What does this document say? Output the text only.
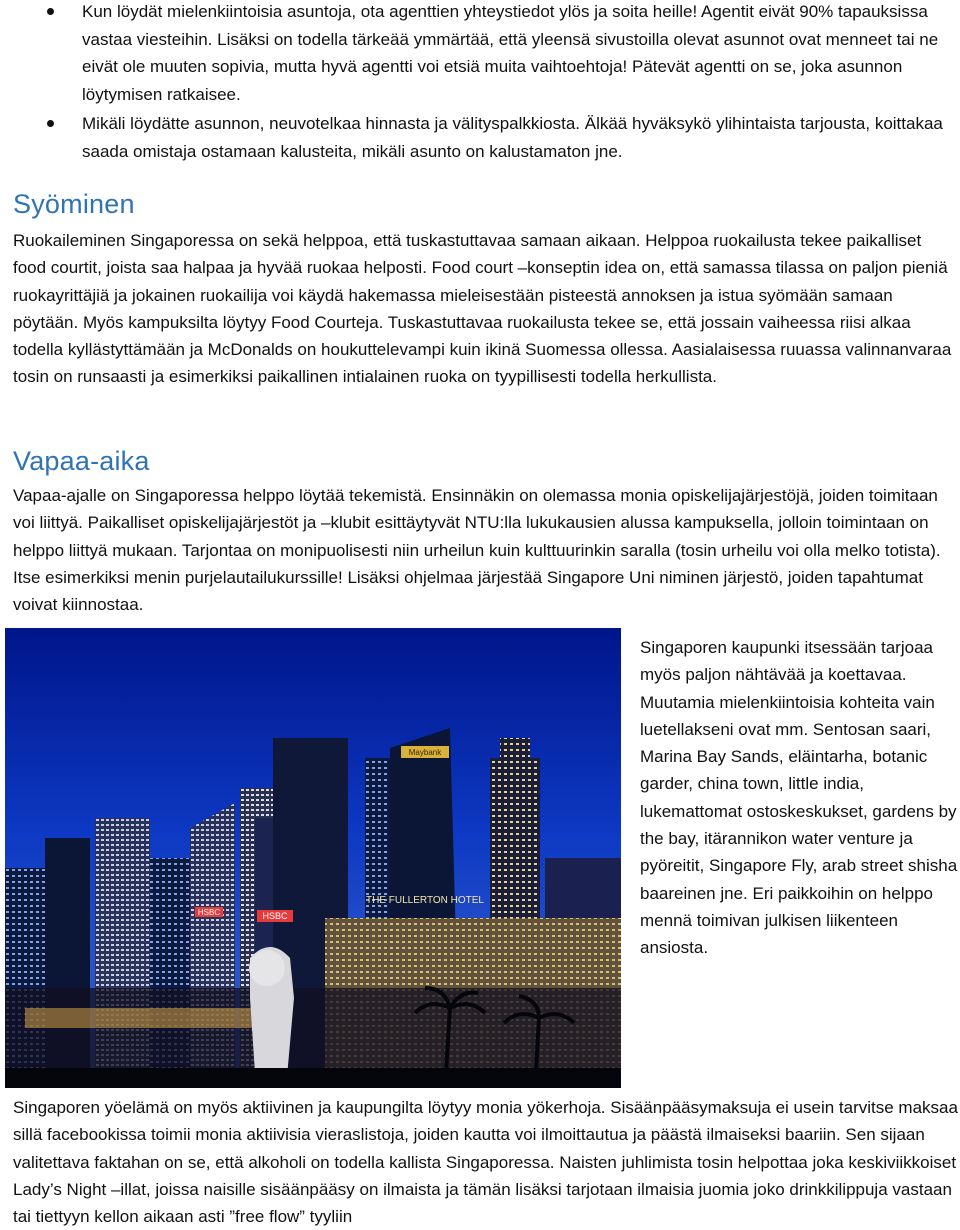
Kun löydät mielenkiintoisia asuntoja, ota agenttien yhteystiedot ylös ja soita heille! Agentit eivät 90% tapauksissa vastaa viesteihin. Lisäksi on todella tärkeää ymmärtää, että yleensä sivustoilla olevat asunnot ovat menneet tai ne eivät ole muuten sopivia, mutta hyvä agentti voi etsiä muita vaihtoehtoja! Pätevät agentti on se, joka asunnon löytymisen ratkaisee.
Mikäli löydätte asunnon, neuvotelkaa hinnasta ja välityspalkkiosta. Älkää hyväksykö ylihintaista tarjousta, koittakaa saada omistaja ostamaan kalusteita, mikäli asunto on kalustamaton jne.
Syöminen

Ruokaileminen Singaporessa on sekä helppoa, että tuskastuttavaa samaan aikaan. Helppoa ruokailusta tekee paikalliset food courtit, joista saa halpaa ja hyvää ruokaa helposti. Food court –konseptin idea on, että samassa tilassa on paljon pieniä ruokayrittäjiä ja jokainen ruokailija voi käydä hakemassa mieleisestään pisteestä annoksen ja istua syömään samaan pöytään. Myös kampuksilta löytyy Food Courteja. Tuskastuttavaa ruokailusta tekee se, että jossain vaiheessa riisi alkaa todella kyllästyttämään ja McDonalds on houkuttelevampi kuin ikinä Suomessa ollessa. Aasialaisessa ruuassa valinnanvaraa tosin on runsaasti ja esimerkiksi paikallinen intialainen ruoka on tyypillisesti todella herkullista.

Vapaa-aika

Vapaa-ajalle on Singaporessa helppo löytää tekemistä. Ensinnäkin on olemassa monia opiskelijajärjestöjä, joiden toimitaan voi liittyä. Paikalliset opiskelijajärjestöt ja –klubit esittäytyvät NTU:lla lukukausien alussa kampuksella, jolloin toimintaan on helppo liittyä mukaan. Tarjontaa on monipuolisesti niin urheilun kuin kulttuurinkin saralla (tosin urheilu voi olla melko totista). Itse esimerkiksi menin purjelautailukurssille! Lisäksi ohjelmaa järjestää Singapore Uni niminen järjestö, joiden tapahtumat voivat kiinnostaa.

HSBC	HSBC
Maybank
THE FULLERTON HOTEL

Singaporen kaupunki itsessään tarjoaa myös paljon nähtävää ja koettavaa. Muutamia mielenkiintoisia kohteita vain luetellakseni ovat mm. Sentosan saari, Marina Bay Sands, eläintarha, botanic garder, china town, little india, lukemattomat ostoskeskukset, gardens by the bay, itärannikon water venture ja pyöreitit, Singapore Fly, arab street shisha baareinen jne. Eri paikkoihin on helppo mennä toimivan julkisen liikenteen ansiosta.

Singaporen yöelämä on myös aktiivinen ja kaupungilta löytyy monia yökerhoja. Sisäänpääsymaksuja ei usein tarvitse maksaa sillä facebookissa toimii monia aktiivisia vieraslistoja, joiden kautta voi ilmoittautua ja päästä ilmaiseksi baariin. Sen sijaan valitettava faktahan on se, että alkoholi on todella kallista Singaporessa. Naisten juhlimista tosin helpottaa joka keskiviikkoiset Lady’s Night –illat, joissa naisille sisäänpääsy on ilmaista ja tämän lisäksi tarjotaan ilmaisia juomia joko drinkkilippuja vastaan tai tiettyyn kellon aikaan asti ”free flow” tyyliin
